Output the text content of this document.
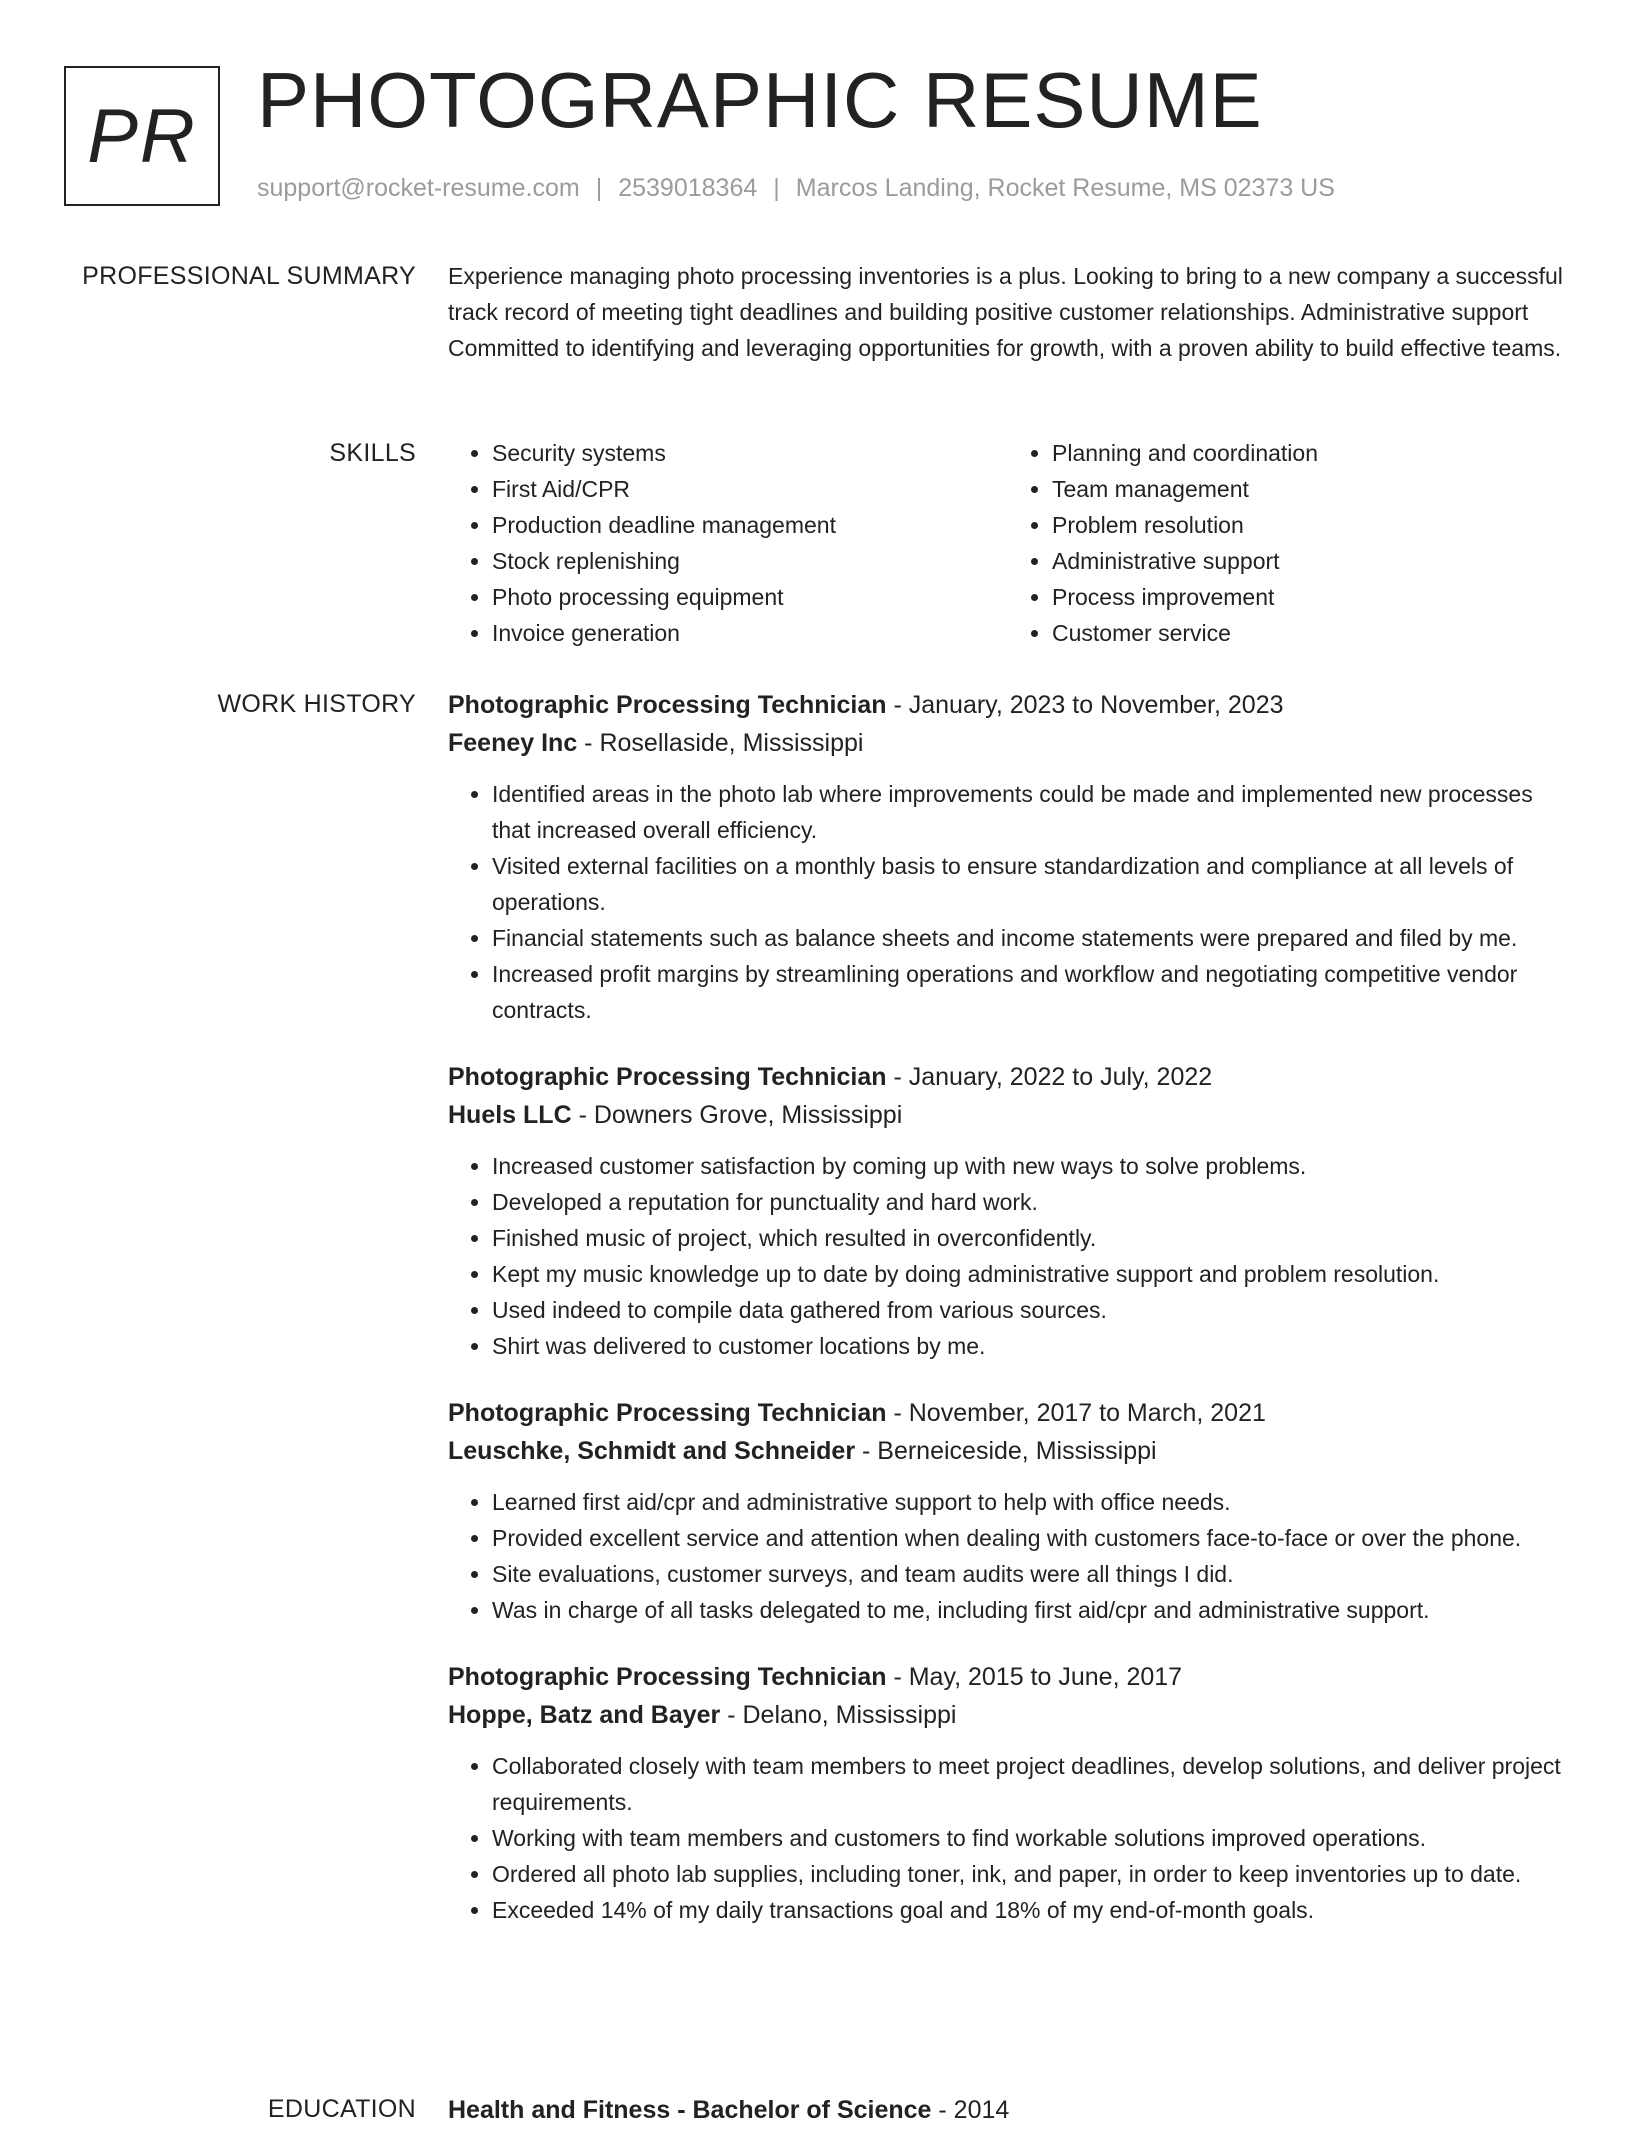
PR PHOTOGRAPHIC RESUME
support@rocket-resume.com | 2539018364 | Marcos Landing, Rocket Resume, MS 02373 US
PROFESSIONAL SUMMARY Experience managing photo processing inventories is a plus. Looking to bring to a new company a successful track record of meeting tight deadlines and building positive customer relationships. Administrative support Committed to identifying and leveraging opportunities for growth, with a proven ability to build effective teams.

SKILLS
•	Security systems
• First Aid/CPR
• Production deadline management
• Stock replenishing
• Photo processing equipment
• Invoice generation
• Planning and coordination
• Team management
• Problem resolution
• Administrative support
• Process improvement
• Customer service
WORK HISTORY Photographic Processing Technician - January, 2023 to November, 2023

Feeney Inc - Rosellaside, Mississippi

• Identified areas in the photo lab where improvements could be made and implemented new processes that increased overall efficiency.
• Visited external facilities on a monthly basis to ensure standardization and compliance at all levels of operations.
• Financial statements such as balance sheets and income statements were prepared and filed by me.
• Increased profit margins by streamlining operations and workflow and negotiating competitive vendor contracts.

Photographic Processing Technician - January, 2022 to July, 2022

Huels LLC - Downers Grove, Mississippi

• Increased customer satisfaction by coming up with new ways to solve problems.
• Developed a reputation for punctuality and hard work.
• Finished music of project, which resulted in overconfidently.
• Kept my music knowledge up to date by doing administrative support and problem resolution.
• Used indeed to compile data gathered from various sources.
• Shirt was delivered to customer locations by me.

Photographic Processing Technician - November, 2017 to March, 2021

Leuschke, Schmidt and Schneider - Berneiceside, Mississippi

• Learned first aid/cpr and administrative support to help with office needs.
• Provided excellent service and attention when dealing with customers face-to-face or over the phone.
• Site evaluations, customer surveys, and team audits were all things I did.
• Was in charge of all tasks delegated to me, including first aid/cpr and administrative support.

Photographic Processing Technician - May, 2015 to June, 2017

Hoppe, Batz and Bayer - Delano, Mississippi

• Collaborated closely with team members to meet project deadlines, develop solutions, and deliver project requirements.
• Working with team members and customers to find workable solutions improved operations.
• Ordered all photo lab supplies, including toner, ink, and paper, in order to keep inventories up to date.
• Exceeded 14% of my daily transactions goal and 18% of my end-of-month goals.
EDUCATION Health and Fitness - Bachelor of Science - 2014
